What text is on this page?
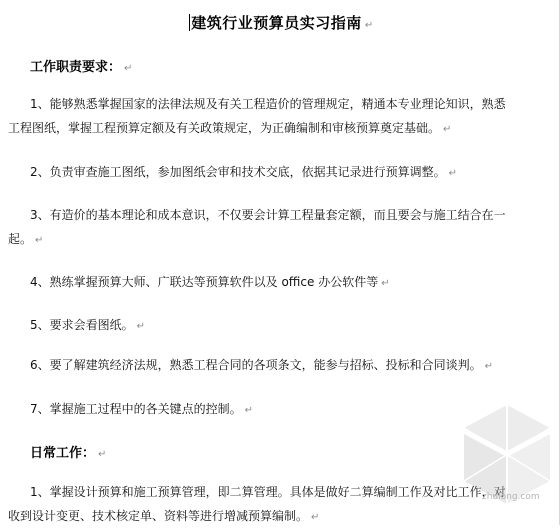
建筑行业预算员实习指南 ↵
工作职责要求： ↵
1、能够熟悉掌握国家的法律法规及有关工程造价的管理规定，精通本专业理论知识，熟悉工程图纸，掌握工程预算定额及有关政策规定，为正确编制和审核预算奠定基础。 ↵
2、负责审查施工图纸，参加图纸会审和技术交底，依据其记录进行预算调整。 ↵
3、有造价的基本理论和成本意识，不仅要会计算工程量套定额，而且要会与施工结合在一起。 ↵
4、熟练掌握预算大师、广联达等预算软件以及 office 办公软件等 ↵
5、要求会看图纸。 ↵
6、要了解建筑经济法规，熟悉工程合同的各项条文，能参与招标、投标和合同谈判。 ↵
7、掌握施工过程中的各关键点的控制。 ↵
日常工作： ↵
1、掌握设计预算和施工预算管理，即二算管理。具体是做好二算编制工作及对比工作，对收到设计变更、技术核定单、资料等进行增减预算编制。 ↵
zhulong.com
